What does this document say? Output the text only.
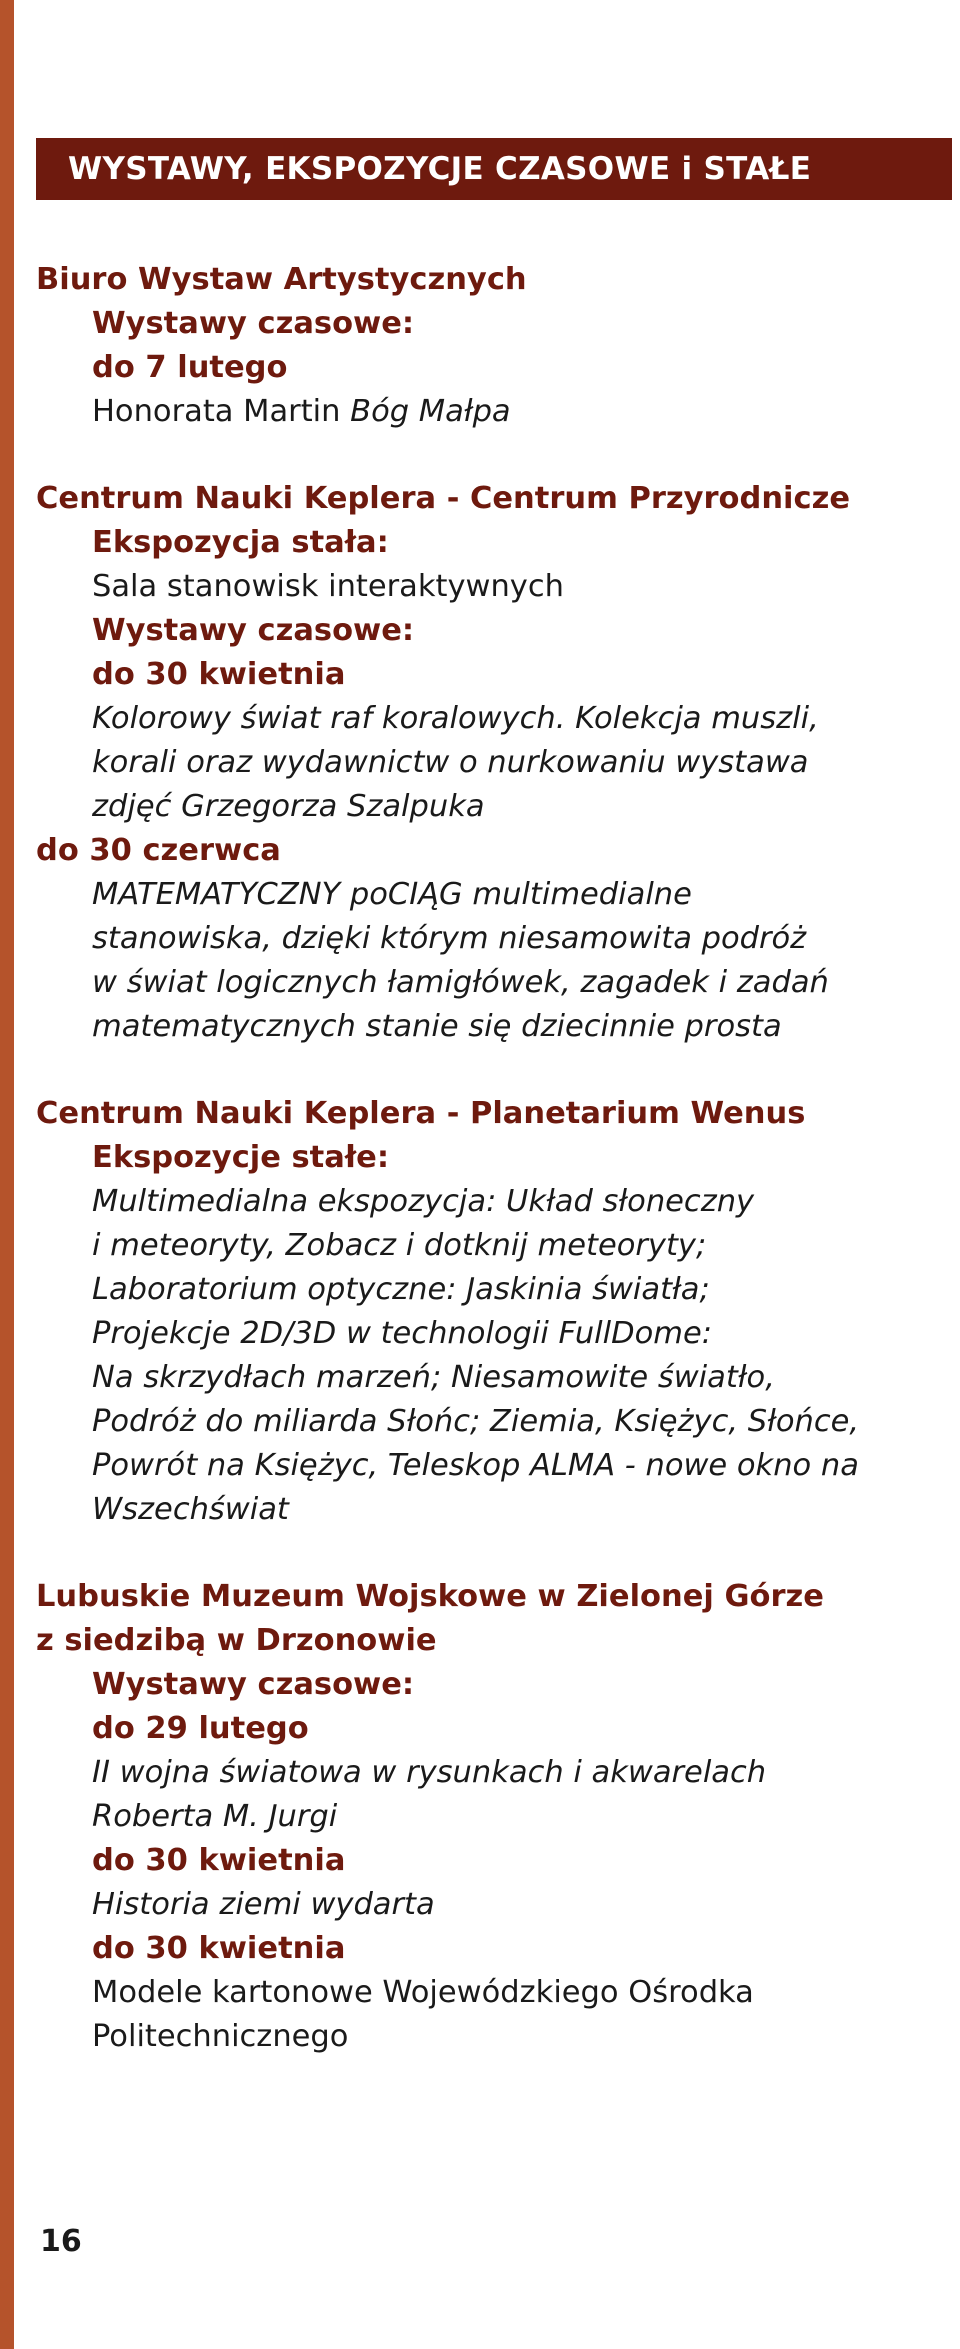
WYSTAWY, EKSPOZYCJE CZASOWE i STAŁE
Biuro Wystaw Artystycznych
Wystawy czasowe:
do 7 lutego
Honorata Martin Bóg Małpa
Centrum Nauki Keplera - Centrum Przyrodnicze
Ekspozycja stała:
Sala stanowisk interaktywnych
Wystawy czasowe:
do 30 kwietnia
Kolorowy świat raf koralowych. Kolekcja muszli,
korali oraz wydawnictw o nurkowaniu wystawa
zdjęć Grzegorza Szalpuka
do 30 czerwca
MATEMATYCZNY poCIĄG multimedialne
stanowiska, dzięki którym niesamowita podróż
w świat logicznych łamigłówek, zagadek i zadań
matematycznych stanie się dziecinnie prosta
Centrum Nauki Keplera - Planetarium Wenus
Ekspozycje stałe:
Multimedialna ekspozycja: Układ słoneczny
i meteoryty, Zobacz i dotknij meteoryty;
Laboratorium optyczne: Jaskinia światła;
Projekcje 2D/3D w technologii FullDome:
Na skrzydłach marzeń; Niesamowite światło,
Podróż do miliarda Słońc; Ziemia, Księżyc, Słońce,
Powrót na Księżyc, Teleskop ALMA - nowe okno na
Wszechświat
Lubuskie Muzeum Wojskowe w Zielonej Górze
z siedzibą w Drzonowie
Wystawy czasowe:
do 29 lutego
II wojna światowa w rysunkach i akwarelach
Roberta M. Jurgi
do 30 kwietnia
Historia ziemi wydarta
do 30 kwietnia
Modele kartonowe Wojewódzkiego Ośrodka
Politechnicznego
16
